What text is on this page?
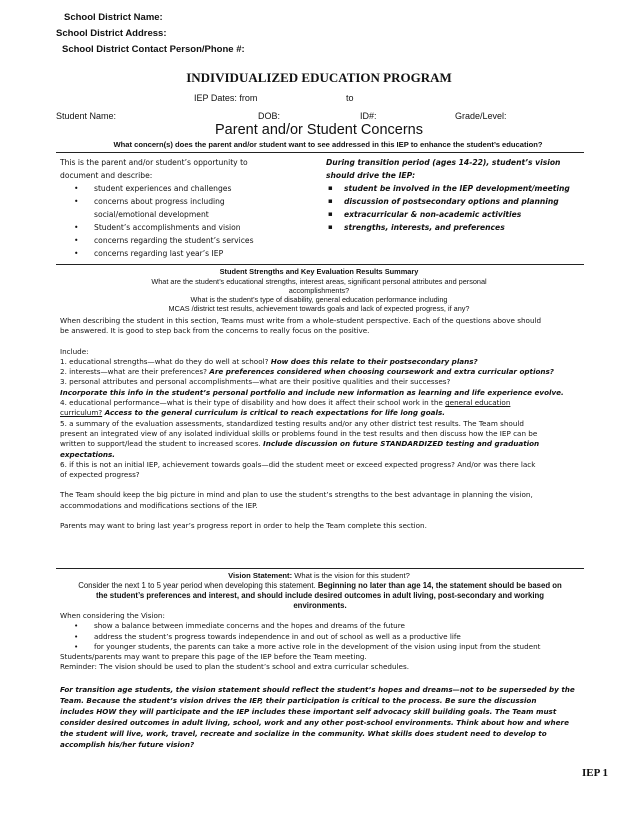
School District Name:
School District Address:
School District Contact Person/Phone #:
INDIVIDUALIZED EDUCATION PROGRAM
IEP Dates: from	to
Student Name:	DOB:	ID#:	Grade/Level:
Parent and/or Student Concerns
What concern(s) does the parent and/or student want to see addressed in this IEP to enhance the student’s education?
This is the parent and/or student’s opportunity to
document and describe:
• student experiences and challenges
• concerns about progress including
social/emotional development
• Student’s accomplishments and vision
• concerns regarding the student’s services
• concerns regarding last year’s IEP
During transition period (ages 14-22), student’s vision
should drive the IEP:
▪ student be involved in the IEP development/meeting
▪ discussion of postsecondary options and planning
▪ extracurricular & non-academic activities
▪ strengths, interests, and preferences
Student Strengths and Key Evaluation Results Summary
What are the student’s educational strengths, interest areas, significant personal attributes and personal
accomplishments?
What is the student’s type of disability, general education performance including
MCAS /district test results, achievement towards goals and lack of expected progress, if any?
When describing the student in this section, Teams must write from a whole-student perspective. Each of the questions above should
be answered. It is good to step back from the concerns to really focus on the positive.
Include:
1. educational strengths—what do they do well at school? How does this relate to their postsecondary plans?
2. interests—what are their preferences? Are preferences considered when choosing coursework and extra curricular options?
3. personal attributes and personal accomplishments—what are their positive qualities and their successes?
Incorporate this info in the student’s personal portfolio and include new information as learning and life experience evolve.
4. educational performance—what is their type of disability and how does it affect their school work in the general education
curriculum? Access to the general curriculum is critical to reach expectations for life long goals.
5. a summary of the evaluation assessments, standardized testing results and/or any other district test results. The Team should
present an integrated view of any isolated individual skills or problems found in the test results and then discuss how the IEP can be
written to support/lead the student to increased scores. Include discussion on future STANDARDIZED testing and graduation
expectations.
6. if this is not an initial IEP, achievement towards goals—did the student meet or exceed expected progress? And/or was there lack
of expected progress?
The Team should keep the big picture in mind and plan to use the student’s strengths to the best advantage in planning the vision,
accommodations and modifications sections of the IEP.
Parents may want to bring last year’s progress report in order to help the Team complete this section.
Vision Statement: What is the vision for this student?
Consider the next 1 to 5 year period when developing this statement. Beginning no later than age 14, the statement should be based on
the student’s preferences and interest, and should include desired outcomes in adult living, post-secondary and working
environments.
When considering the Vision:
• show a balance between immediate concerns and the hopes and dreams of the future
• address the student’s progress towards independence in and out of school as well as a productive life
• for younger students, the parents can take a more active role in the development of the vision using input from the student
Students/parents may want to prepare this page of the IEP before the Team meeting.
Reminder: The vision should be used to plan the student’s school and extra curricular schedules.
For transition age students, the vision statement should reflect the student’s hopes and dreams—not to be superseded by the
Team. Because the student’s vision drives the IEP, their participation is critical to the process. Be sure the discussion
includes HOW they will participate and the IEP includes these important self advocacy skill building goals. The Team must
consider desired outcomes in adult living, school, work and any other post-school environments. Think about how and where
the student will live, work, travel, recreate and socialize in the community. What skills does student need to develop to
accomplish his/her future vision?
IEP 1
